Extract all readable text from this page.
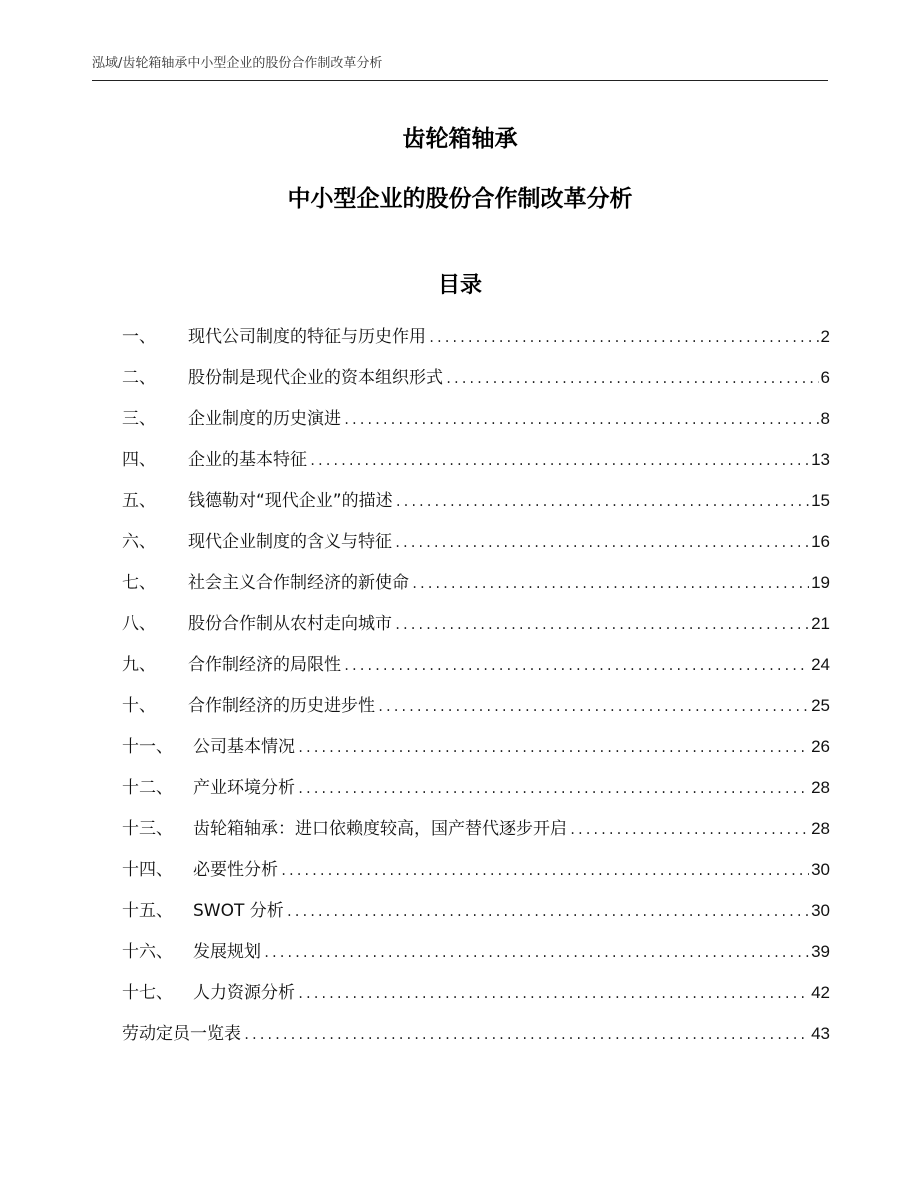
泓域/齿轮箱轴承中小型企业的股份合作制改革分析
齿轮箱轴承
中小型企业的股份合作制改革分析
目录
一、 现代公司制度的特征与历史作用 .....	2
二、 股份制是现代企业的资本组织形式 .....	6
三、 企业制度的历史演进 .....	8
四、 企业的基本特征 .....	13
五、 钱德勒对“现代企业”的描述 .....	15
六、 现代企业制度的含义与特征 .....	16
七、 社会主义合作制经济的新使命 .....	19
八、 股份合作制从农村走向城市 .....	21
九、 合作制经济的局限性 .....	24
十、 合作制经济的历史进步性 .....	25
十一、 公司基本情况 .....	26
十二、 产业环境分析 .....	28
十三、 齿轮箱轴承：进口依赖度较高，国产替代逐步开启 .....	28
十四、 必要性分析 .....	30
十五、 SWOT 分析 .....	30
十六、 发展规划 .....	39
十七、 人力资源分析 .....	42
劳动定员一览表 .....	43
